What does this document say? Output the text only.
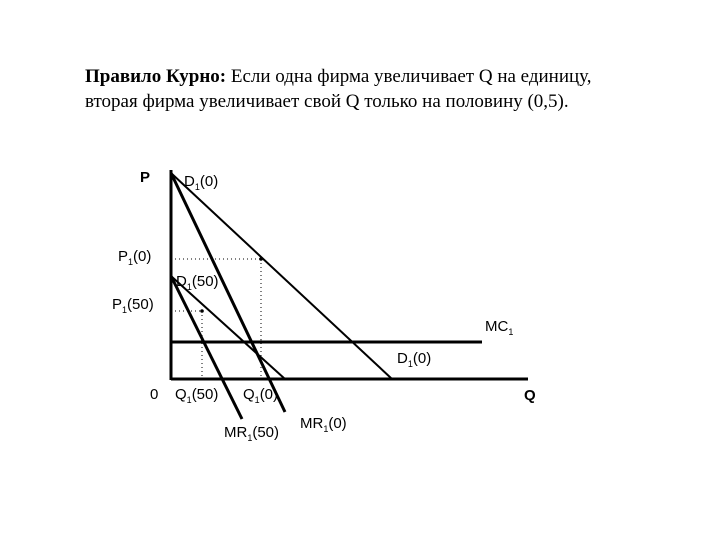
Правило Курно: Если одна фирма увеличивает Q на единицу, вторая фирма увеличивает свой Q только на половину (0,5).
P
Q
0
$D_1(0)$
$P_1(0)$
$D_1(50)$
$P_1(50)$
$MC_1$
$D_1(0)$
$Q_1(50)$ $Q_1(0)$
$MR_1(0)$
$MR_1(50)$
